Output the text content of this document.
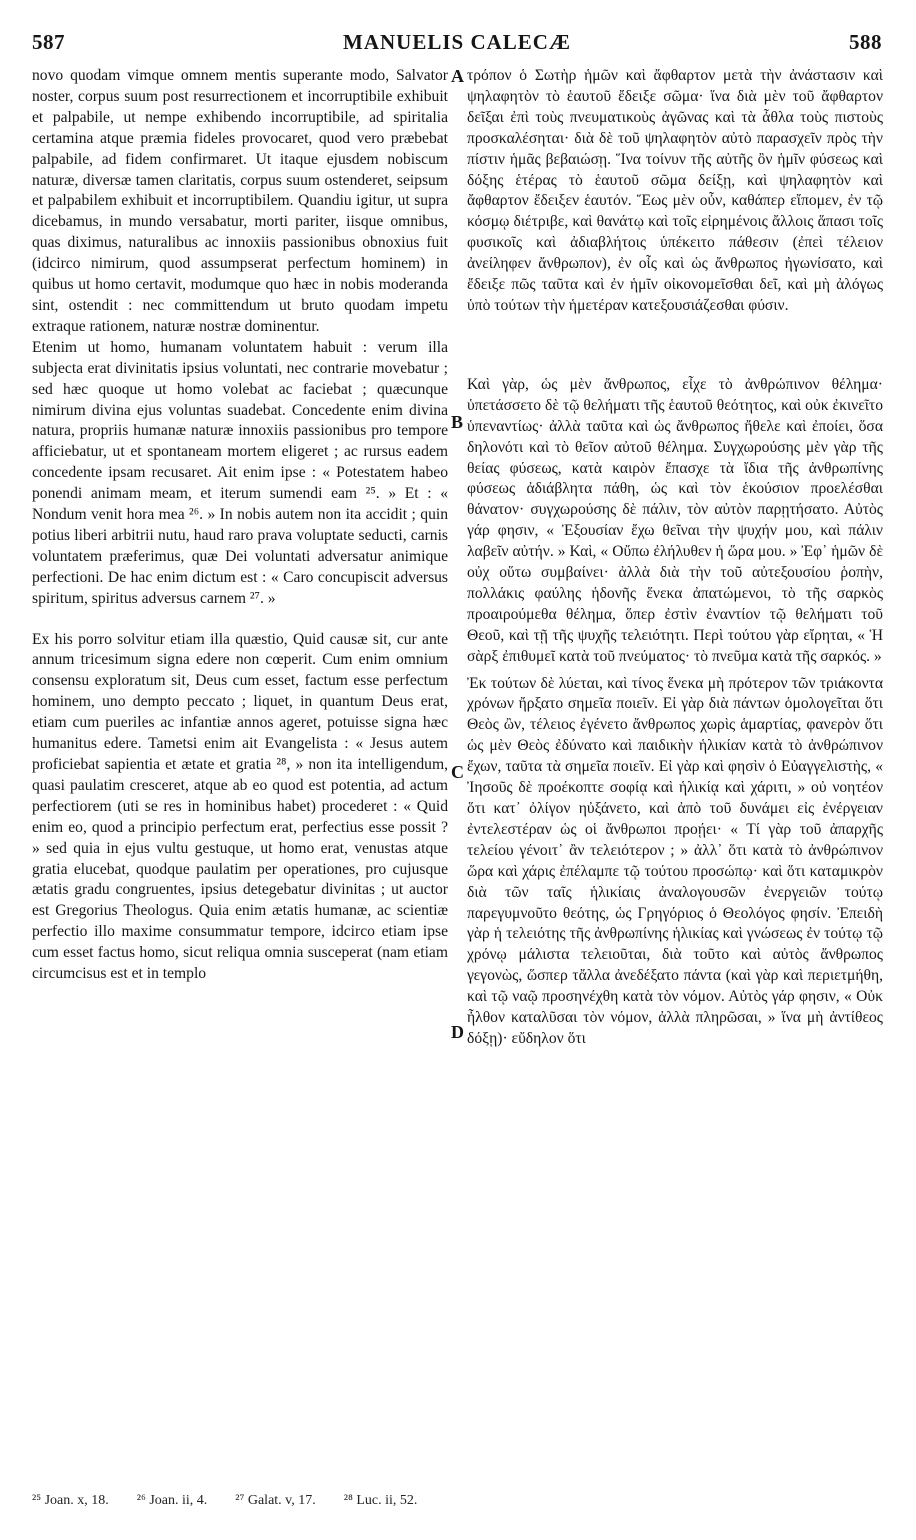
587	MANUELIS CALECÆ	588

novo quodam vimque omnem mentis superante modo, Salvator noster, corpus suum post resurrectionem et incorruptibile exhibuit et palpabile, ut nempe exhibendo incorruptibile, ad spiritalia certamina atque præmia fideles provocaret, quod vero præbebat palpabile, ad fidem confirmaret. Ut itaque ejusdem nobiscum naturæ, diversæ tamen claritatis, corpus suum ostenderet, seipsum et palpabilem exhibuit et incorruptibilem. Quandiu igitur, ut supra dicebamus, in mundo versabatur, morti pariter, iisque omnibus, quas diximus, naturalibus ac innoxiis passionibus obnoxius fuit (idcirco nimirum, quod assumpserat perfectum hominem) in quibus ut homo certavit, modumque quo hæc in nobis moderanda sint, ostendit : nec committendum ut bruto quodam impetu extraque rationem, naturæ nostræ dominentur.

Etenim ut homo, humanam voluntatem habuit : verum illa subjecta erat divinitatis ipsius voluntati, nec contrarie movebatur ; sed hæc quoque ut homo volebat ac faciebat ; quæcunque nimirum divina ejus voluntas suadebat. Concedente enim divina natura, propriis humanæ naturæ innoxiis passionibus pro tempore afficiebatur, ut et spontaneam mortem eligeret ; ac rursus eadem concedente ipsam recusaret. Ait enim ipse : « Potestatem habeo ponendi animam meam, et iterum sumendi eam ²⁵. » Et : « Nondum venit hora mea ²⁶. » In nobis autem non ita accidit ; quin potius liberi arbitrii nutu, haud raro prava voluptate seducti, carnis voluntatem præferimus, quæ Dei voluntati adversatur animique perfectioni. De hac enim dictum est : « Caro concupiscit adversus spiritum, spiritus adversus carnem ²⁷. »

Ex his porro solvitur etiam illa quæstio, Quid causæ sit, cur ante annum tricesimum signa edere non cœperit. Cum enim omnium consensu exploratum sit, Deus cum esset, factum esse perfectum hominem, uno dempto peccato ; liquet, in quantum Deus erat, etiam cum pueriles ac infantiæ annos ageret, potuisse signa hæc humanitus edere. Tametsi enim ait Evangelista : « Jesus autem proficiebat sapientia et ætate et gratia ²⁸, » non ita intelligendum, quasi paulatim cresceret, atque ab eo quod est potentia, ad actum perfectiorem (uti se res in hominibus habet) procederet : « Quid enim eo, quod a principio perfectum erat, perfectius esse possit ? » sed quia in ejus vultu gestuque, ut homo erat, venustas atque gratia elucebat, quodque paulatim per operationes, pro cujusque ætatis gradu congruentes, ipsius detegebatur divinitas ; ut auctor est Gregorius Theologus. Quia enim ætatis humanæ, ac scientiæ perfectio illo maxime consummatur tempore, idcirco etiam ipse cum esset factus homo, sicut reliqua omnia susceperat (nam etiam circumcisus est et in templo

τρόπον ὁ Σωτὴρ ἡμῶν καὶ ἄφθαρτον μετὰ τὴν ἀνάστασιν καὶ ψηλαφητὸν τὸ ἑαυτοῦ ἔδειξε σῶμα· ἵνα διὰ μὲν τοῦ ἄφθαρτον δεῖξαι ἐπὶ τοὺς πνευματικοὺς ἀγῶνας καὶ τὰ ἆθλα τοὺς πιστοὺς προσκαλέσηται· διὰ δὲ τοῦ ψηλαφητὸν αὐτὸ παρασχεῖν πρὸς τὴν πίστιν ἡμᾶς βεβαιώσῃ. Ἵνα τοίνυν τῆς αὐτῆς ὂν ἡμῖν φύσεως καὶ δόξης ἑτέρας τὸ ἑαυτοῦ σῶμα δείξῃ, καὶ ψηλαφητὸν καὶ ἄφθαρτον ἔδειξεν ἑαυτόν. Ἕως μὲν οὖν, καθάπερ εἴπομεν, ἐν τῷ κόσμῳ διέτριβε, καὶ θανάτῳ καὶ τοῖς εἰρημένοις ἄλλοις ἅπασι τοῖς φυσικοῖς καὶ ἀδιαβλήτοις ὑπέκειτο πάθεσιν (ἐπεὶ τέλειον ἀνείληφεν ἄνθρωπον), ἐν οἷς καὶ ὡς ἄνθρωπος ἠγωνίσατο, καὶ ἔδειξε πῶς ταῦτα καὶ ἐν ἡμῖν οἰκονομεῖσθαι δεῖ, καὶ μὴ ἀλόγως ὑπὸ τούτων τὴν ἡμετέραν κατεξουσιάζεσθαι φύσιν.

Καὶ γὰρ, ὡς μὲν ἄνθρωπος, εἶχε τὸ ἀνθρώπινον θέλημα· ὑπετάσσετο δὲ τῷ θελήματι τῆς ἑαυτοῦ θεότητος, καὶ οὐκ ἐκινεῖτο ὑπεναντίως· ἀλλὰ ταῦτα καὶ ὡς ἄνθρωπος ἤθελε καὶ ἐποίει, ὅσα δηλονότι καὶ τὸ θεῖον αὐτοῦ θέλημα. Συγχωρούσης μὲν γὰρ τῆς θείας φύσεως, κατὰ καιρὸν ἔπασχε τὰ ἴδια τῆς ἀνθρωπίνης φύσεως ἀδιάβλητα πάθη, ὡς καὶ τὸν ἑκούσιον προελέσθαι θάνατον· συγχωρούσης δὲ πάλιν, τὸν αὐτὸν παρῃτήσατο. Αὐτὸς γάρ φησιν, « Ἐξουσίαν ἔχω θεῖναι τὴν ψυχήν μου, καὶ πάλιν λαβεῖν αὐτήν. » Καὶ, « Οὔπω ἐλήλυθεν ἡ ὥρα μου. » Ἐφ᾽ ἡμῶν δὲ οὐχ οὕτω συμβαίνει· ἀλλὰ διὰ τὴν τοῦ αὐτεξουσίου ῥοπὴν, πολλάκις φαύλης ἡδονῆς ἕνεκα ἀπατώμενοι, τὸ τῆς σαρκὸς προαιρούμεθα θέλημα, ὅπερ ἐστὶν ἐναντίον τῷ θελήματι τοῦ Θεοῦ, καὶ τῇ τῆς ψυχῆς τελειότητι. Περὶ τούτου γὰρ εἴρηται, « Ἡ σὰρξ ἐπιθυμεῖ κατὰ τοῦ πνεύματος· τὸ πνεῦμα κατὰ τῆς σαρκός. »

Ἐκ τούτων δὲ λύεται, καὶ τίνος ἕνεκα μὴ πρότερον τῶν τριάκοντα χρόνων ἤρξατο σημεῖα ποιεῖν. Εἰ γὰρ διὰ πάντων ὁμολογεῖται ὅτι Θεὸς ὢν, τέλειος ἐγένετο ἄνθρωπος χωρὶς ἁμαρτίας, φανερὸν ὅτι ὡς μὲν Θεὸς ἐδύνατο καὶ παιδικὴν ἡλικίαν κατὰ τὸ ἀνθρώπινον ἔχων, ταῦτα τὰ σημεῖα ποιεῖν. Εἰ γὰρ καὶ φησὶν ὁ Εὐαγγελιστὴς, « Ἰησοῦς δὲ προέκοπτε σοφίᾳ καὶ ἡλικίᾳ καὶ χάριτι, » οὐ νοητέον ὅτι κατ᾽ ὀλίγον ηὐξάνετο, καὶ ἀπὸ τοῦ δυνάμει εἰς ἐνέργειαν ἐντελεστέραν ὡς οἱ ἄνθρωποι προῄει· « Τί γὰρ τοῦ ἀπαρχῆς τελείου γένοιτ᾽ ἂν τελειότερον ; » ἀλλ᾽ ὅτι κατὰ τὸ ἀνθρώπινον ὥρα καὶ χάρις ἐπέλαμπε τῷ τούτου προσώπῳ· καὶ ὅτι καταμικρὸν διὰ τῶν ταῖς ἡλικίαις ἀναλογουσῶν ἐνεργειῶν τούτῳ παρεγυμνοῦτο θεότης, ὡς Γρηγόριος ὁ Θεολόγος φησίν. Ἐπειδὴ γὰρ ἡ τελειότης τῆς ἀνθρωπίνης ἡλικίας καὶ γνώσεως ἐν τούτῳ τῷ χρόνῳ μάλιστα τελειοῦται, διὰ τοῦτο καὶ αὐτὸς ἄνθρωπος γεγονὼς, ὥσπερ τἄλλα ἀνεδέξατο πάντα (καὶ γὰρ καὶ περιετμήθη, καὶ τῷ ναῷ προσηνέχθη κατὰ τὸν νόμον. Αὐτὸς γάρ φησιν, « Οὐκ ἦλθον καταλῦσαι τὸν νόμον, ἀλλὰ πληρῶσαι, » ἵνα μὴ ἀντίθεος δόξῃ)· εὔδηλον ὅτι

A
B
C
D
²⁵ Joan. x, 18. ²⁶ Joan. ii, 4. ²⁷ Galat. v, 17. ²⁸ Luc. ii, 52.
